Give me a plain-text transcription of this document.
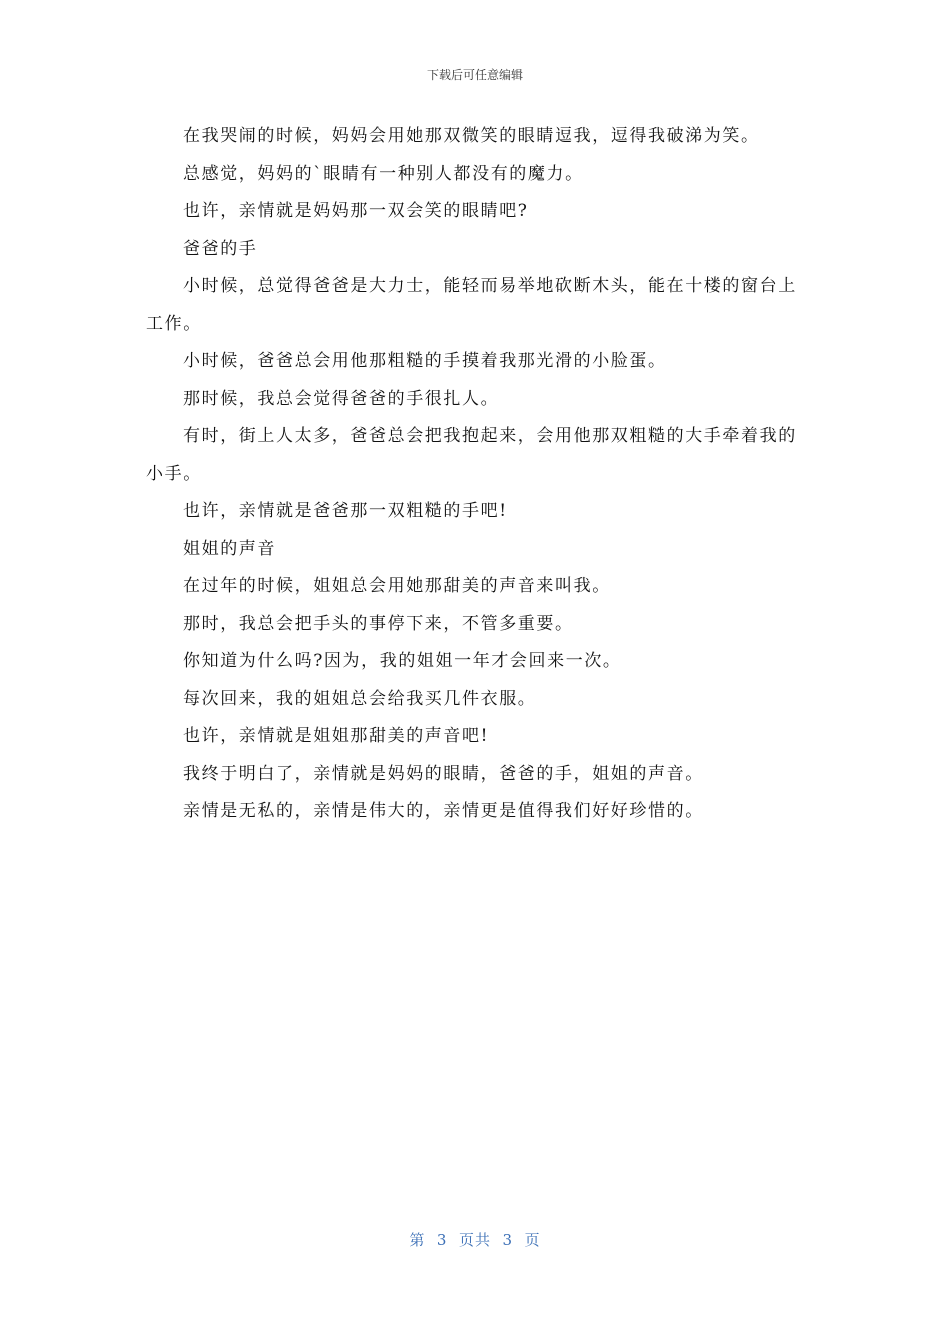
下载后可任意编辑

在我哭闹的时候，妈妈会用她那双微笑的眼睛逗我，逗得我破涕为笑。

总感觉，妈妈的`眼睛有一种别人都没有的魔力。

也许，亲情就是妈妈那一双会笑的眼睛吧?

爸爸的手

小时候，总觉得爸爸是大力士，能轻而易举地砍断木头，能在十楼的窗台上工作。

小时候，爸爸总会用他那粗糙的手摸着我那光滑的小脸蛋。

那时候，我总会觉得爸爸的手很扎人。

有时，街上人太多，爸爸总会把我抱起来，会用他那双粗糙的大手牵着我的小手。

也许，亲情就是爸爸那一双粗糙的手吧!

姐姐的声音

在过年的时候，姐姐总会用她那甜美的声音来叫我。

那时，我总会把手头的事停下来，不管多重要。

你知道为什么吗?因为，我的姐姐一年才会回来一次。

每次回来，我的姐姐总会给我买几件衣服。

也许，亲情就是姐姐那甜美的声音吧!

我终于明白了，亲情就是妈妈的眼睛，爸爸的手，姐姐的声音。

亲情是无私的，亲情是伟大的，亲情更是值得我们好好珍惜的。

第  3  页共  3  页
